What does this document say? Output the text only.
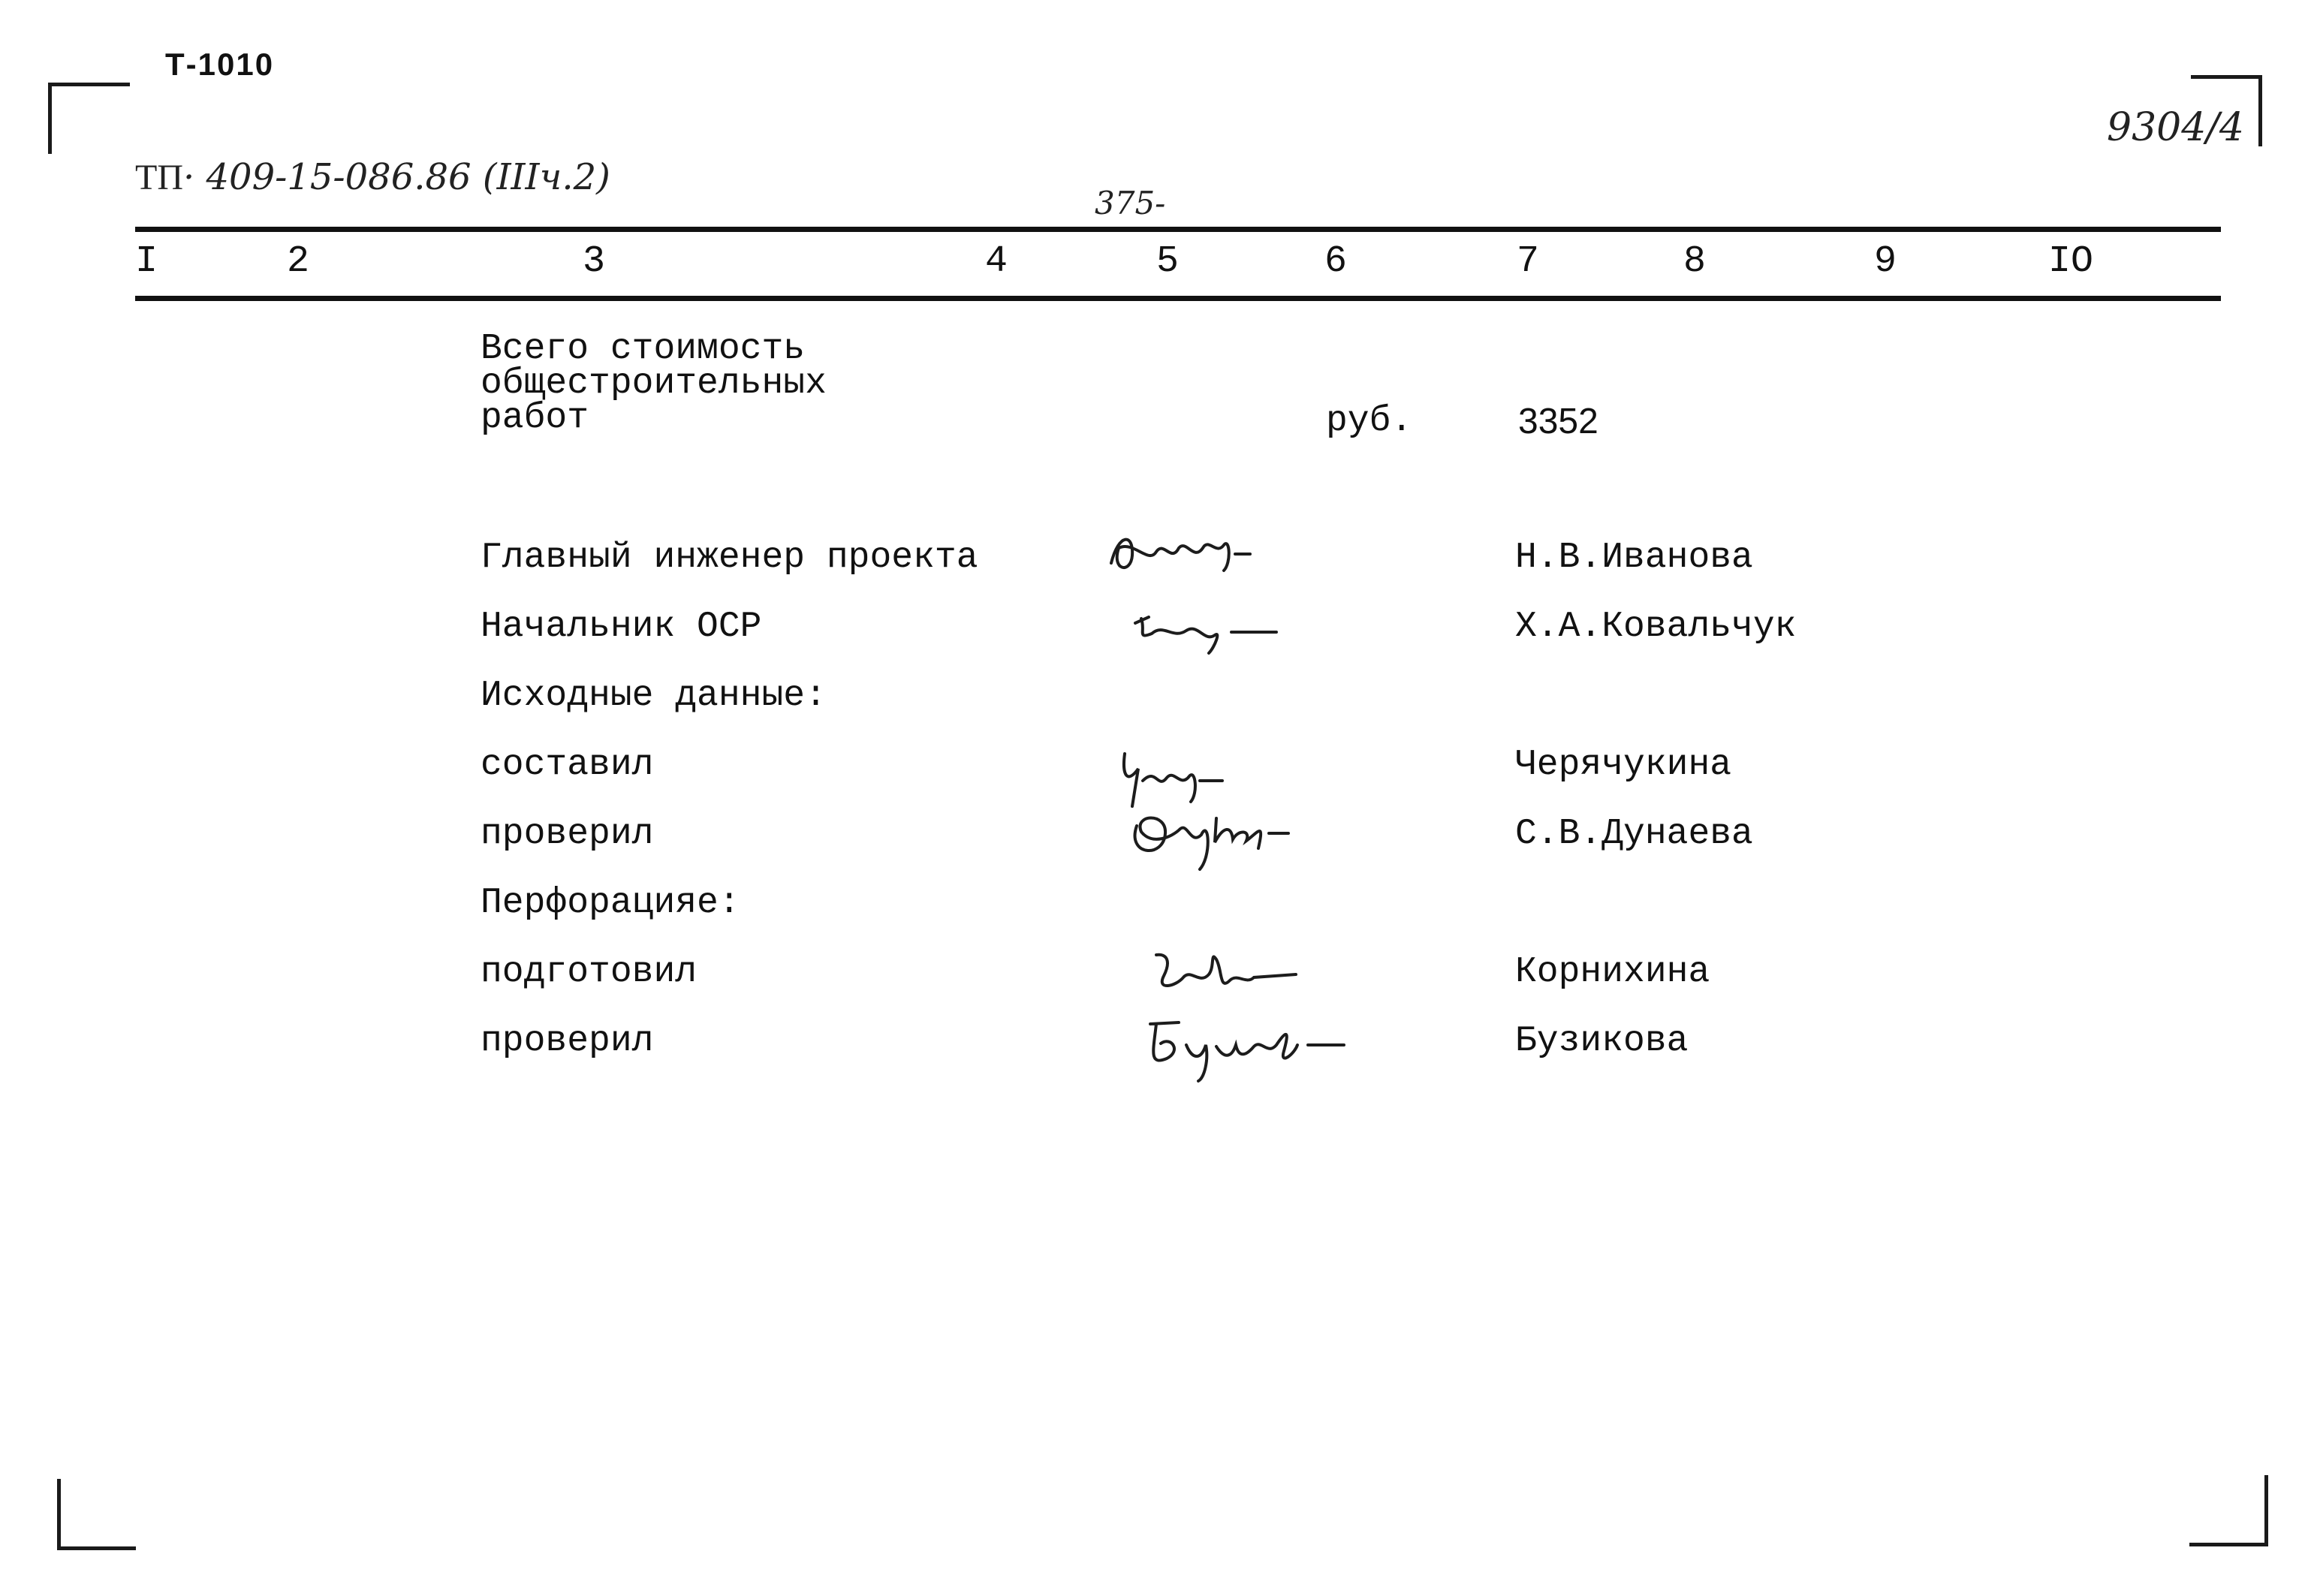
Т-1010
ТП· 409-15-086.86 (IIIч.2)
375-
9304/4
I	2	3	4	5	6	7	8	9	IO
Всего стоимость
общестроительных
работ	руб.	3352
Главный инженер проекта	Н.В.Иванова
Начальник ОСР	Х.А.Ковальчук
Исходные данные:
составил	Черячукина
проверил	С.В.Дунаева
Перфорацияе:
подготовил	Корнихина
проверил	Бузикова
